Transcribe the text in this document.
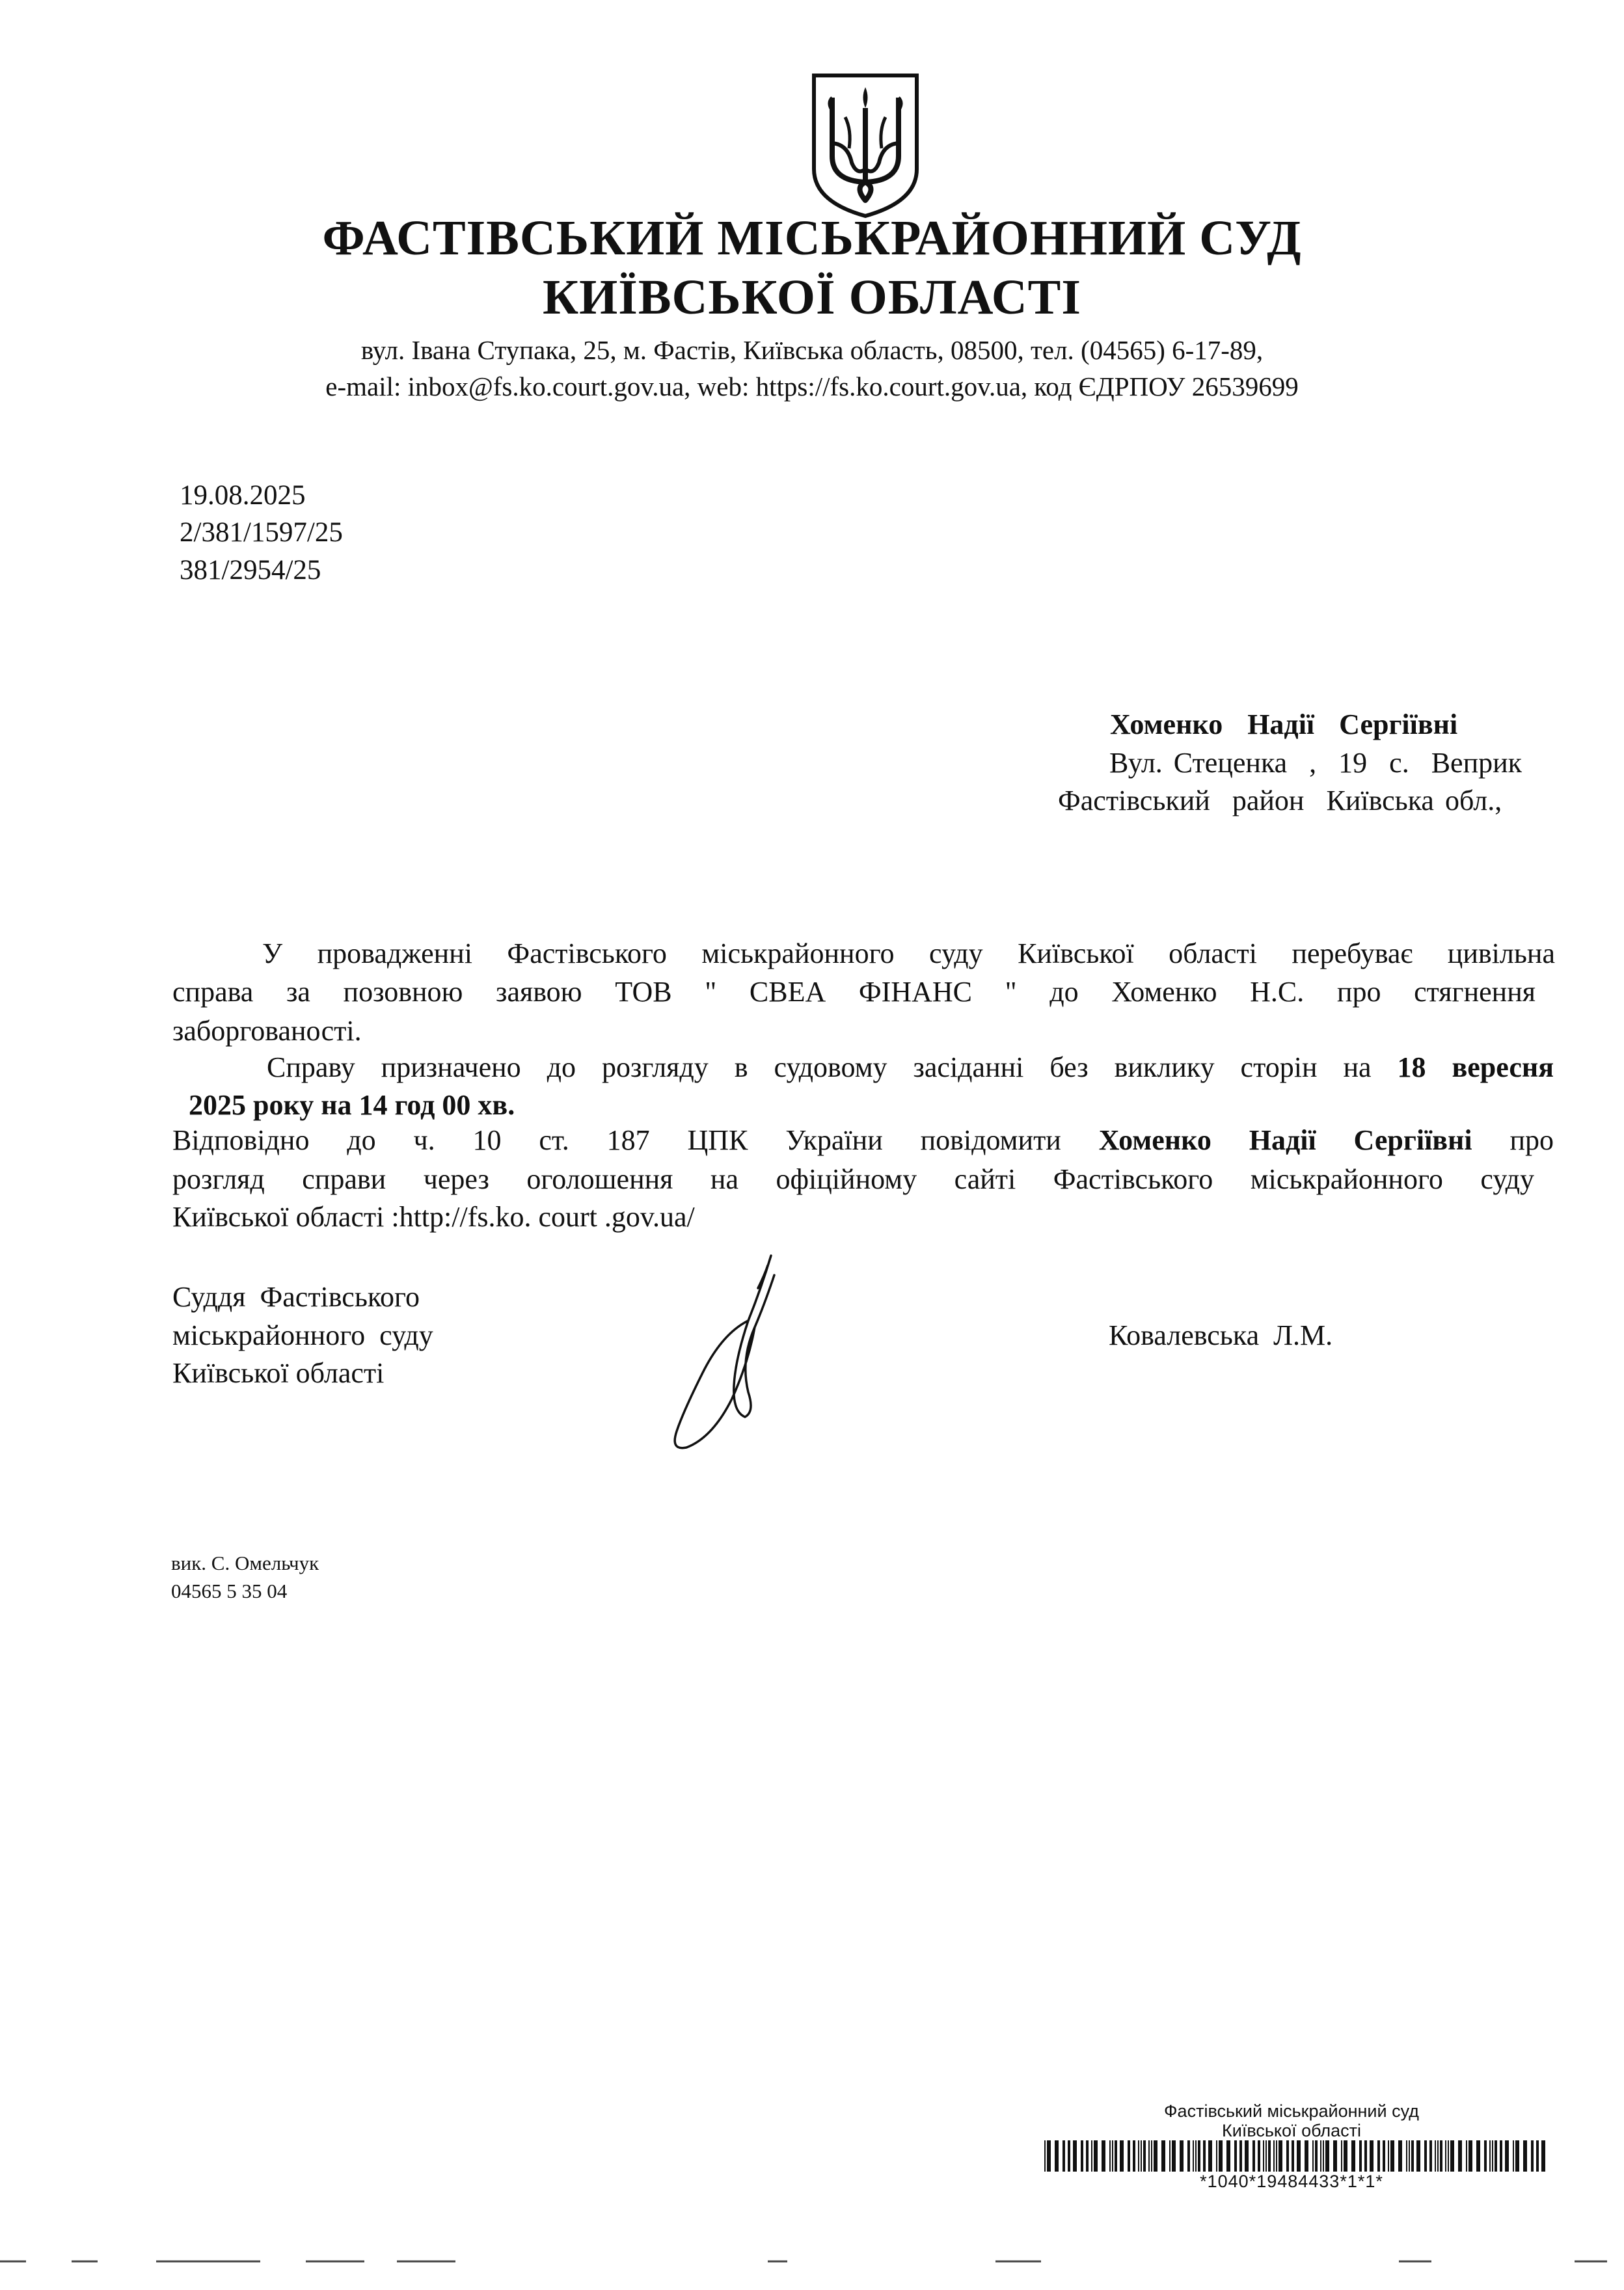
ФАСТІВСЬКИЙ МІСЬКРАЙОННИЙ СУД
КИЇВСЬКОЇ ОБЛАСТІ
вул. Івана Ступака, 25, м. Фастів, Київська область, 08500, тел. (04565) 6-17-89,
e-mail: inbox@fs.ko.court.gov.ua, web: https://fs.ko.court.gov.ua, код ЄДРПОУ 26539699
19.08.2025
2/381/1597/25
381/2954/25
Хоменко  Надії  Сергіївні
Вул. Стеценка  ,  19  с.  Веприк
Фастівський  район  Київська обл.,
У провадженні Фастівського міськрайонного суду Київської області перебуває цивільна
справа за позовною заявою ТОВ " СВЕА ФІНАНС " до Хоменко Н.С. про стягнення
заборгованості.
Справу призначено до розгляду в судовому засіданні без виклику сторін на 18 вересня
2025 року на 14 год 00 хв.
Відповідно до ч. 10 ст. 187 ЦПК України повідомити Хоменко Надії Сергіївні про
розгляд справи через оголошення на офіційному сайті Фастівського міськрайонного суду
Київської області :http://fs.ko. court .gov.ua/
Суддя  Фастівського
міськрайонного  суду
Київської області
Ковалевська  Л.М.
вик. С. Омельчук
04565 5 35 04
Фастівський міськрайонний суд
Київської області
*1040*19484433*1*1*
